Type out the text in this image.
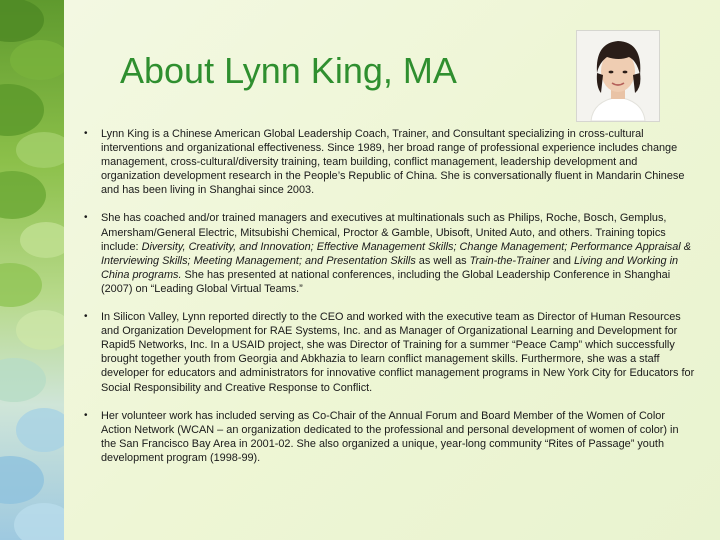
About Lynn King, MA
• Lynn King is a Chinese American Global Leadership Coach, Trainer, and Consultant specializing in cross-cultural interventions and organizational effectiveness. Since 1989, her broad range of professional experience includes change management, cross-cultural/diversity training, team building, conflict management, leadership development and organization development research in the People’s Republic of China. She is conversationally fluent in Mandarin Chinese and has been living in Shanghai since 2003.

• She has coached and/or trained managers and executives at multinationals such as Philips, Roche, Bosch, Gemplus, Amersham/General Electric, Mitsubishi Chemical, Proctor & Gamble, Ubisoft, United Auto, and others. Training topics include: Diversity, Creativity, and Innovation; Effective Management Skills; Change Management; Performance Appraisal & Interviewing Skills; Meeting Management; and Presentation Skills as well as Train-the-Trainer and Living and Working in China programs. She has presented at national conferences, including the Global Leadership Conference in Shanghai (2007) on “Leading Global Virtual Teams.”

• In Silicon Valley, Lynn reported directly to the CEO and worked with the executive team as Director of Human Resources and Organization Development for RAE Systems, Inc. and as Manager of Organizational Learning and Development for Rapid5 Networks, Inc. In a USAID project, she was Director of Training for a summer “Peace Camp” which successfully brought together youth from Georgia and Abkhazia to learn conflict management skills. Furthermore, she was a staff developer for educators and administrators for innovative conflict management programs in New York City for Educators for Social Responsibility and Creative Response to Conflict.

• Her volunteer work has included serving as Co-Chair of the Annual Forum and Board Member of the Women of Color Action Network (WCAN – an organization dedicated to the professional and personal development of women of color) in the San Francisco Bay Area in 2001-02. She also organized a unique, year-long community “Rites of Passage” youth development program (1998-99).
